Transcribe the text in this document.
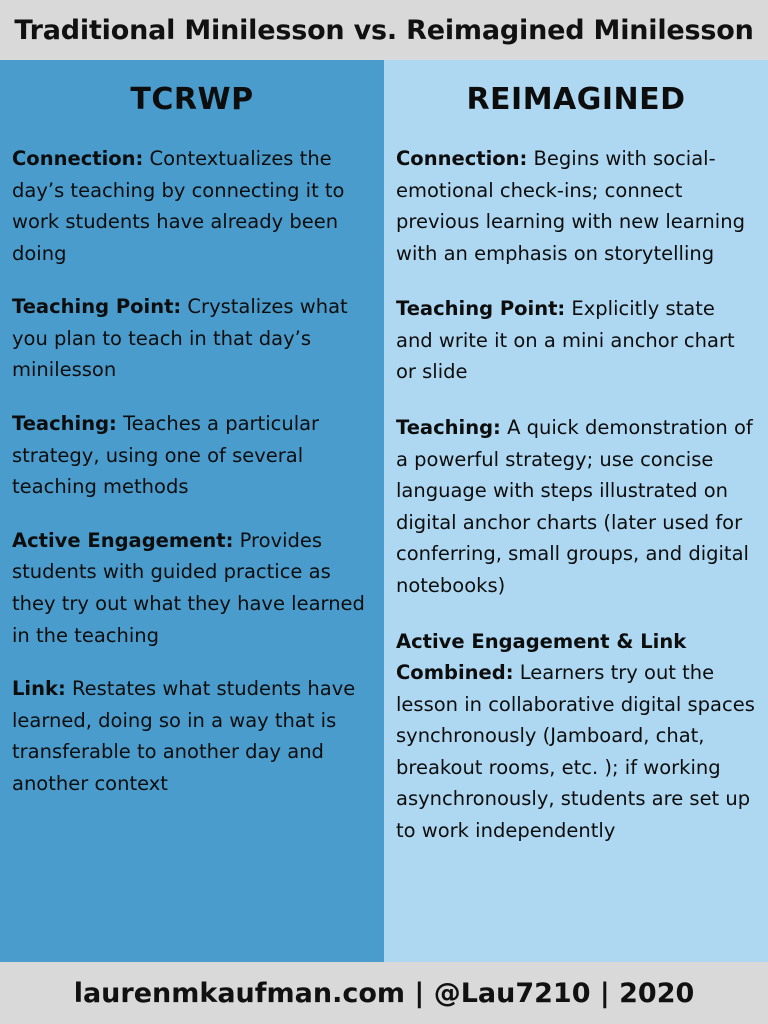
Traditional Minilesson vs. Reimagined Minilesson
TCRWP
Connection: Contextualizes the day’s teaching by connecting it to work students have already been doing
Teaching Point: Crystalizes what you plan to teach in that day’s minilesson
Teaching: Teaches a particular strategy, using one of several teaching methods
Active Engagement: Provides students with guided practice as they try out what they have learned in the teaching
Link: Restates what students have learned, doing so in a way that is transferable to another day and another context
REIMAGINED
Connection: Begins with social-emotional check-ins; connect previous learning with new learning with an emphasis on storytelling
Teaching Point: Explicitly state and write it on a mini anchor chart or slide
Teaching: A quick demonstration of a powerful strategy; use concise language with steps illustrated on digital anchor charts (later used for conferring, small groups, and digital notebooks)
Active Engagement & Link Combined: Learners try out the lesson in collaborative digital spaces synchronously (Jamboard, chat, breakout rooms, etc. ); if working asynchronously, students are set up to work independently
laurenmkaufman.com | @Lau7210 | 2020
